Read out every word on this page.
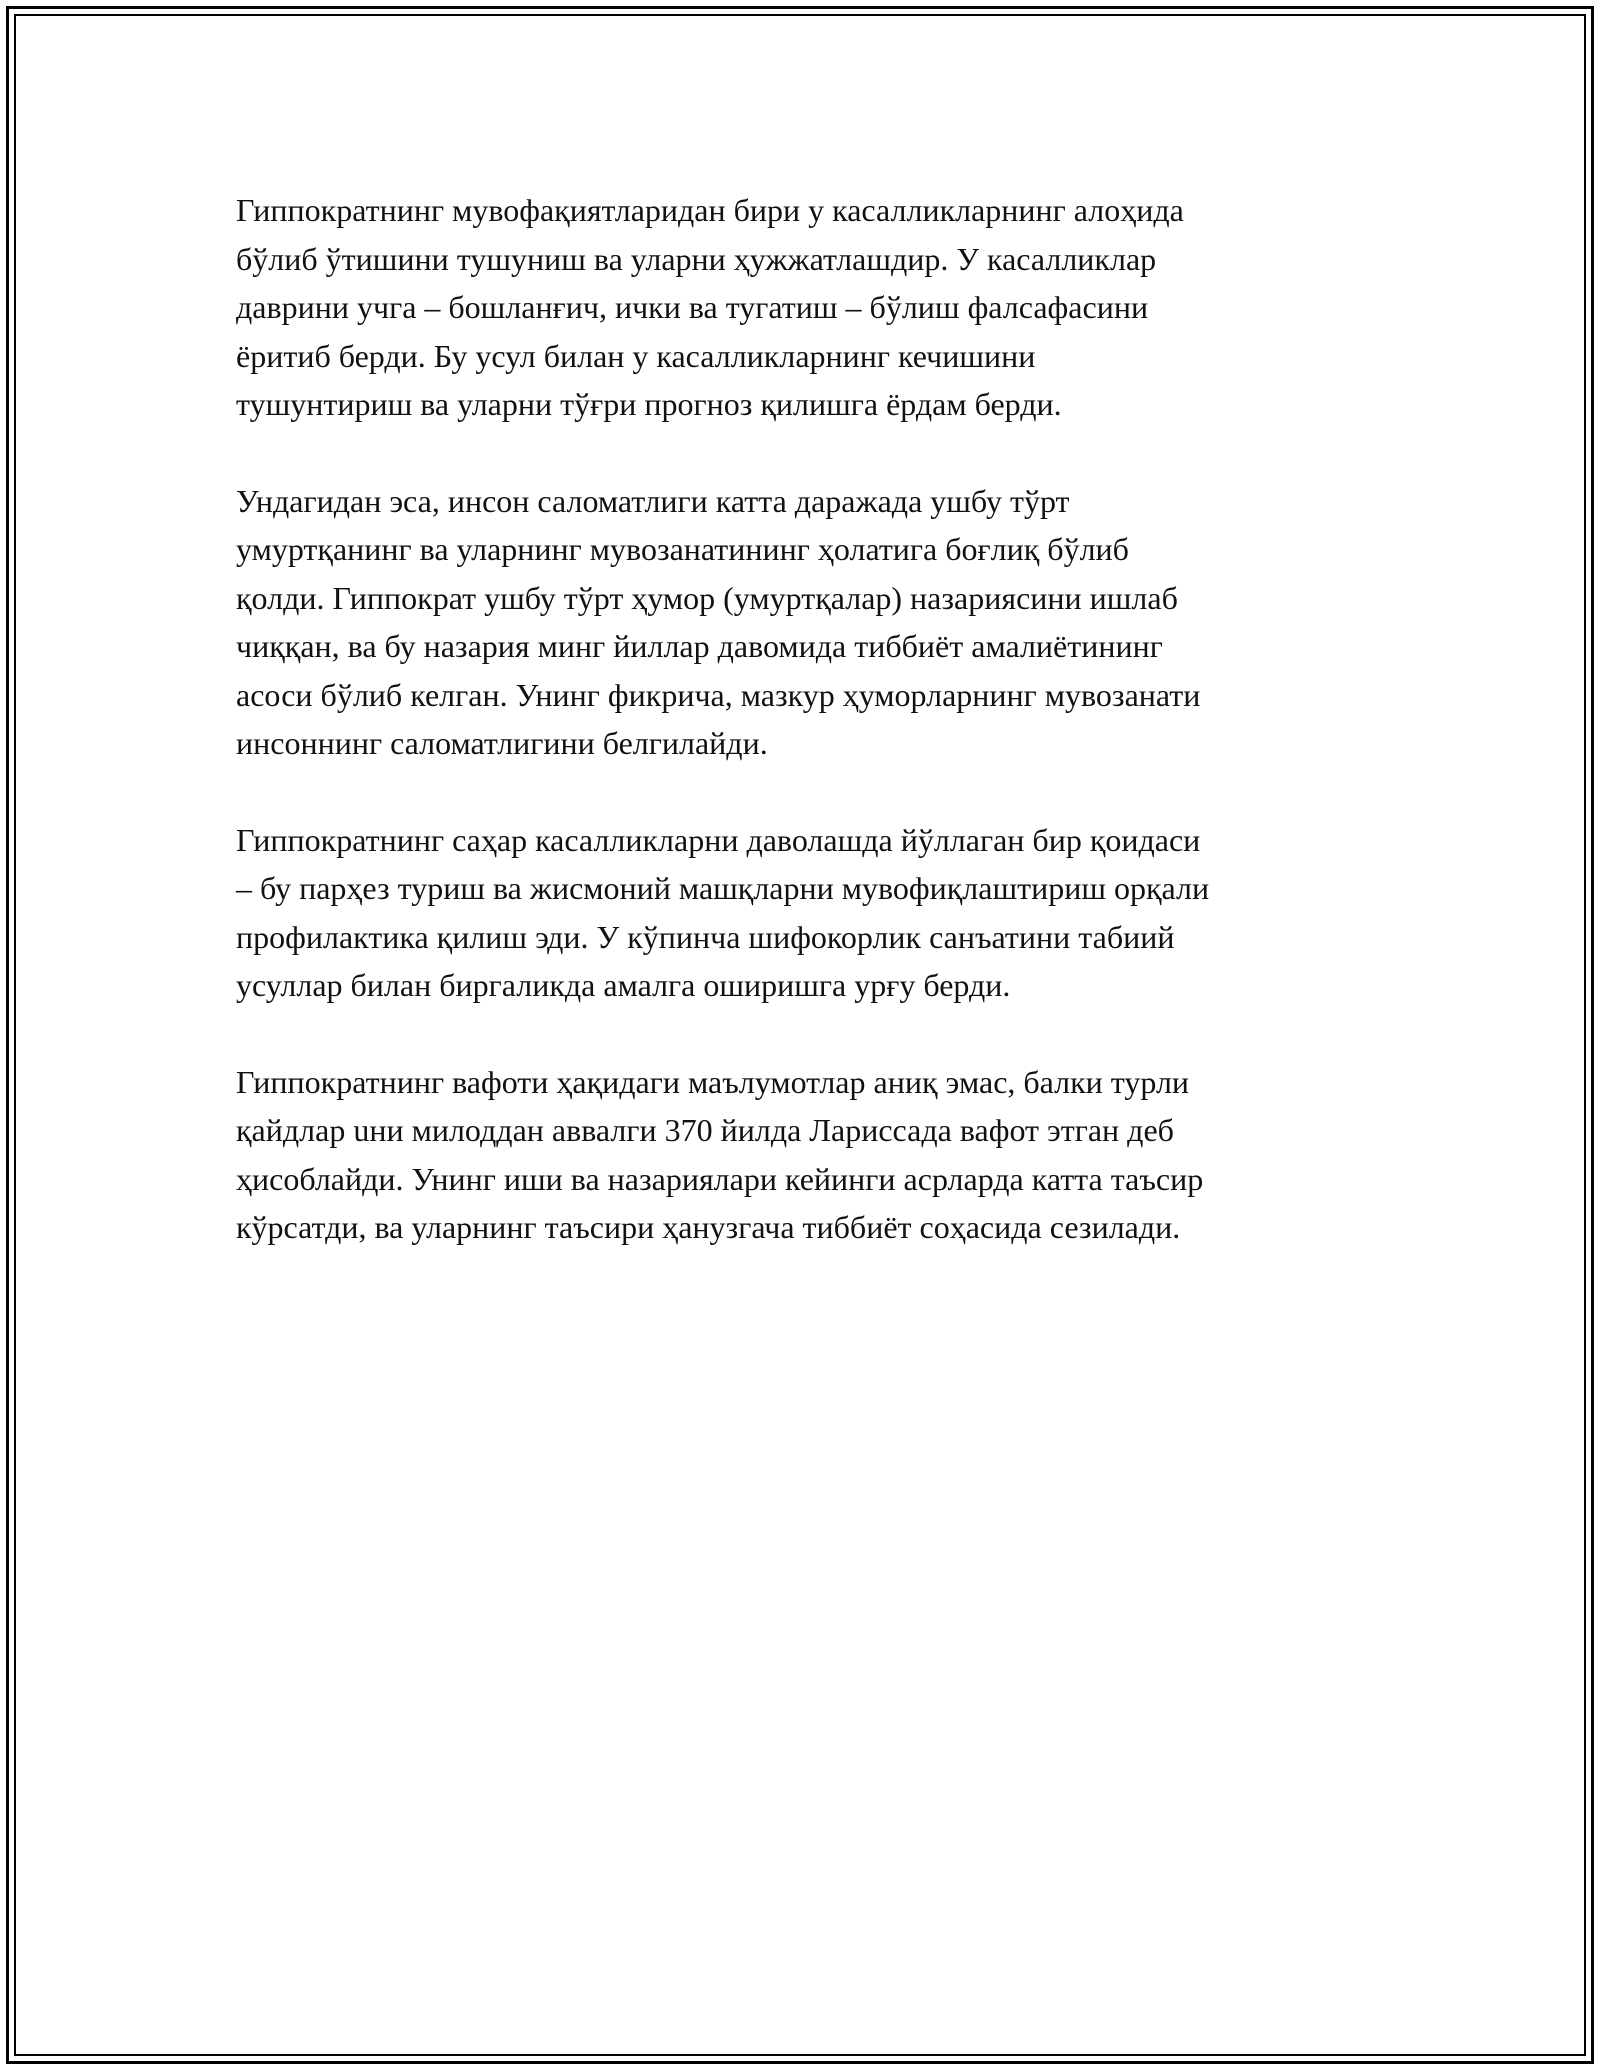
Гиппократнинг мувофақиятларидан бири у касалликларнинг алоҳида
бўлиб ўтишини тушуниш ва уларни ҳужжатлашдир. У касалликлар
даврини учга – бошланғич, ички ва тугатиш – бўлиш фалсафасини
ёритиб берди. Бу усул билан у касалликларнинг кечишини
тушунтириш ва уларни тўғри прогноз қилишга ёрдам берди.

Ундагидан эса, инсон саломатлиги катта даражада ушбу тўрт
умуртқанинг ва уларнинг мувозанатининг ҳолатига боғлиқ бўлиб
қолди. Гиппократ ушбу тўрт ҳумор (умуртқалар) назариясини ишлаб
чиққан, ва бу назария минг йиллар давомида тиббиёт амалиётининг
асоси бўлиб келган. Унинг фикрича, мазкур ҳуморларнинг мувозанати
инсоннинг саломатлигини белгилайди.

Гиппократнинг саҳар касалликларни даволашда йўллаган бир қоидаси
– бу парҳез туриш ва жисмоний машқларни мувофиқлаштириш орқали
профилактика қилиш эди. У кўпинча шифокорлик санъатини табиий
усуллар билан биргаликда амалга оширишга урғу берди.

Гиппократнинг вафоти ҳақидаги маълумотлар аниқ эмас, балки турли
қайдлар uни милоддан аввалги 370 йилда Лариссада вафот этган деб
ҳисоблайди. Унинг иши ва назариялари кейинги асрларда катта таъсир
кўрсатди, ва уларнинг таъсири ҳанузгача тиббиёт соҳасида сезилади.
